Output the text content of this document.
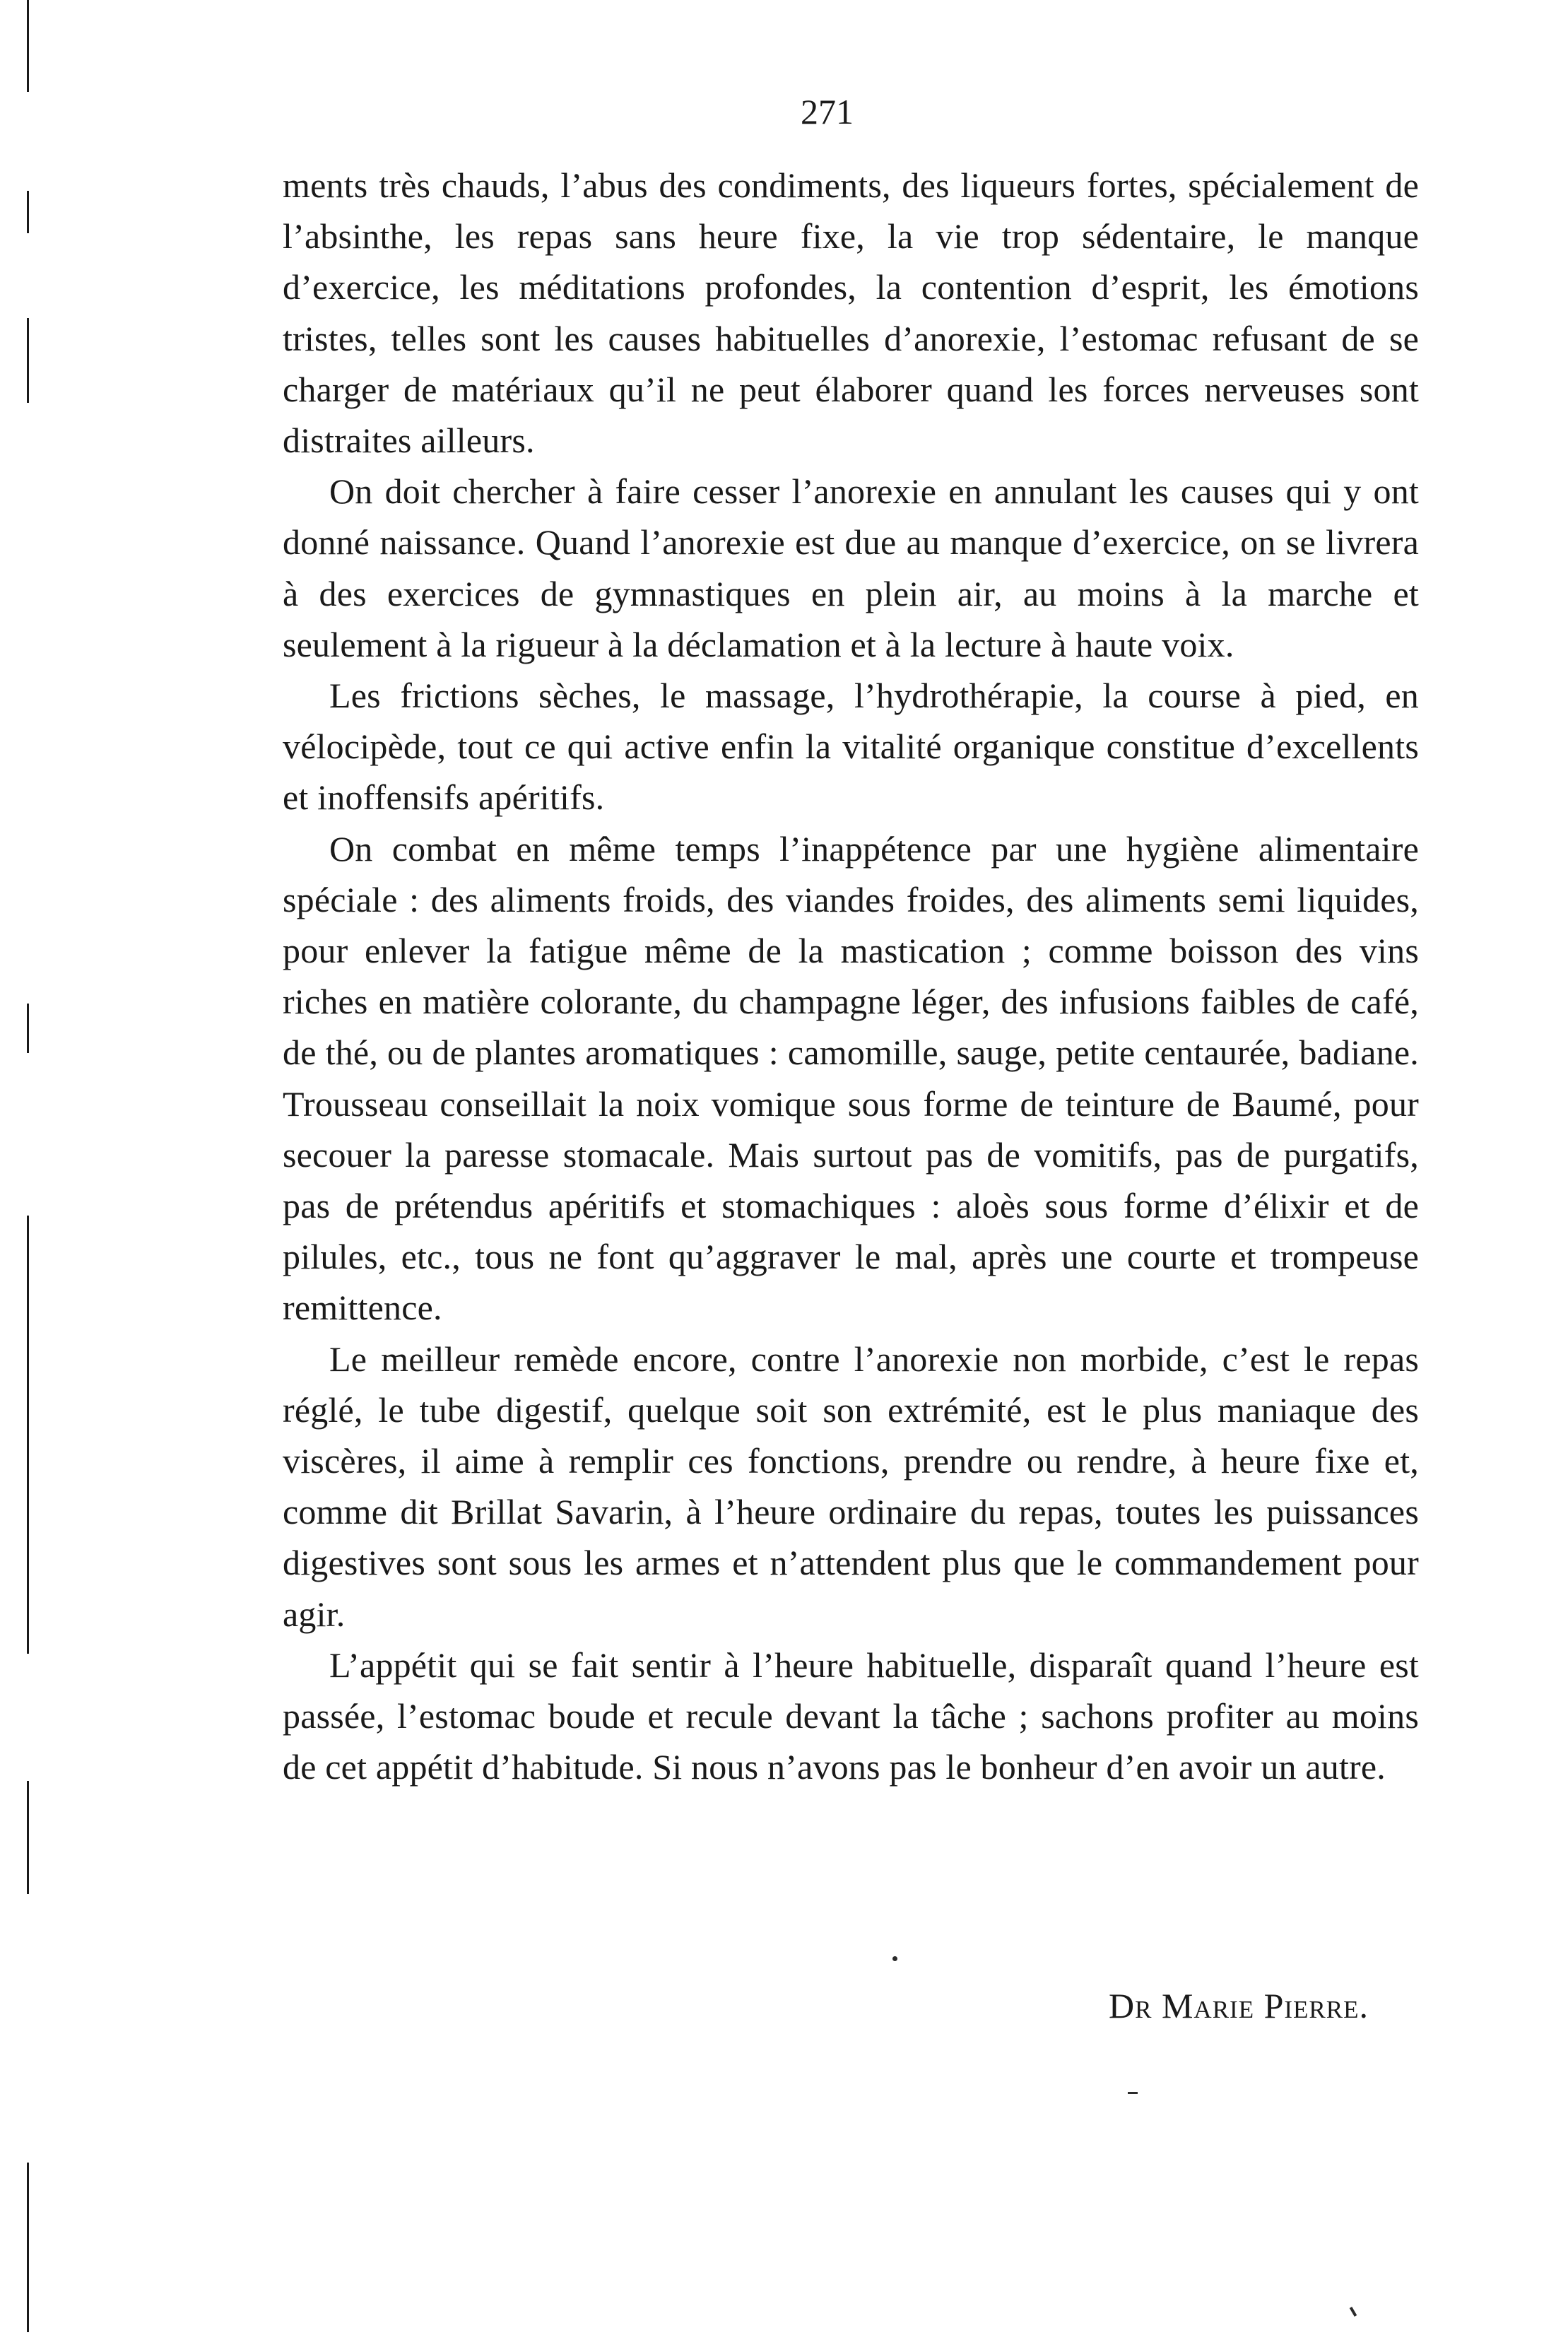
271

ments très chauds, l’abus des condiments, des liqueurs fortes, spécialement de l’absinthe, les repas sans heure fixe, la vie trop sédentaire, le manque d’exercice, les méditations profondes, la contention d’esprit, les émotions tristes, telles sont les causes habituelles d’anorexie, l’estomac refusant de se charger de matériaux qu’il ne peut élaborer quand les forces nerveuses sont distraites ailleurs.

On doit chercher à faire cesser l’anorexie en annulant les causes qui y ont donné naissance. Quand l’anorexie est due au manque d’exercice, on se livrera à des exercices de gymnastiques en plein air, au moins à la marche et seulement à la rigueur à la déclamation et à la lecture à haute voix.

Les frictions sèches, le massage, l’hydrothérapie, la course à pied, en vélocipède, tout ce qui active enfin la vitalité organique constitue d’excellents et inoffensifs apéritifs.

On combat en même temps l’inappétence par une hygiène alimentaire spéciale : des aliments froids, des viandes froides, des aliments semi liquides, pour enlever la fatigue même de la mastication ; comme boisson des vins riches en matière colorante, du champagne léger, des infusions faibles de café, de thé, ou de plantes aromatiques : camomille, sauge, petite centaurée, badiane. Trousseau conseillait la noix vomique sous forme de teinture de Baumé, pour secouer la paresse stomacale. Mais surtout pas de vomitifs, pas de purgatifs, pas de prétendus apéritifs et stomachiques : aloès sous forme d’élixir et de pilules, etc., tous ne font qu’aggraver le mal, après une courte et trompeuse remittence.

Le meilleur remède encore, contre l’anorexie non morbide, c’est le repas réglé, le tube digestif, quelque soit son extrémité, est le plus maniaque des viscères, il aime à remplir ces fonctions, prendre ou rendre, à heure fixe et, comme dit Brillat Savarin, à l’heure ordinaire du repas, toutes les puissances digestives sont sous les armes et n’attendent plus que le commandement pour agir.

L’appétit qui se fait sentir à l’heure habituelle, disparaît quand l’heure est passée, l’estomac boude et recule devant la tâche ; sachons profiter au moins de cet appétit d’habitude. Si nous n’avons pas le bonheur d’en avoir un autre.

Dr Marie Pierre.
